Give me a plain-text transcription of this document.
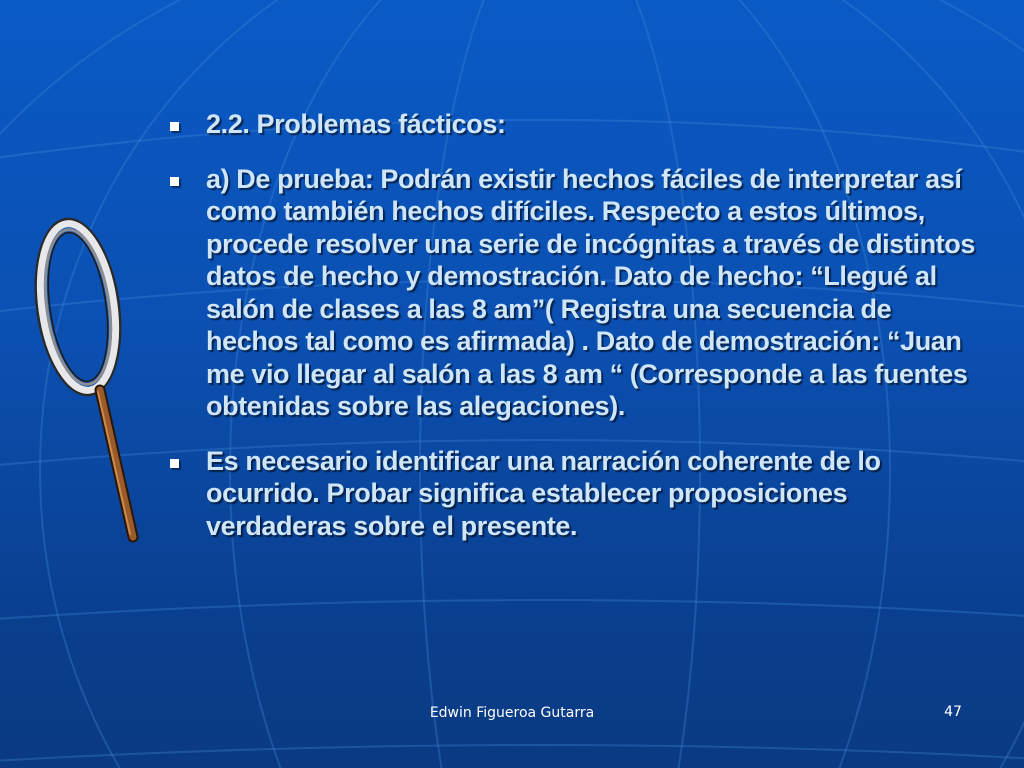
2.2. Problemas fácticos:
a) De prueba: Podrán existir hechos fáciles de interpretar así como también hechos difíciles. Respecto a estos últimos, procede resolver una serie de incógnitas a través de distintos datos de hecho y demostración. Dato de hecho: “Llegué al salón de clases a las 8 am”( Registra una secuencia de hechos tal como es afirmada) . Dato de demostración: “Juan me vio llegar al salón a las 8 am “ (Corresponde a las fuentes obtenidas sobre las alegaciones).
Es necesario identificar una narración coherente de lo ocurrido. Probar significa establecer proposiciones verdaderas sobre el presente.
Edwin Figueroa Gutarra	47
